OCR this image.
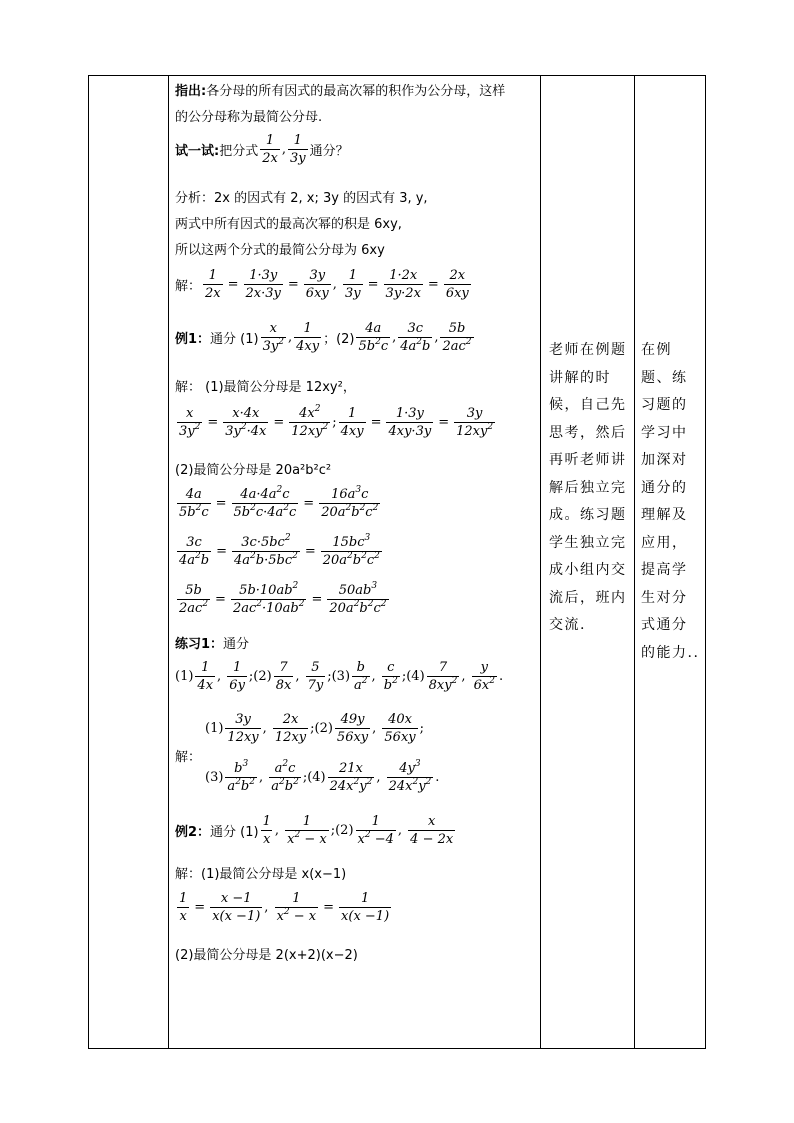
指出: 各分母的所有因式的最高次幂的积作为公分母，这样
的公分母称为最简公分母.
试一试: 把分式
1
2x
,
1
3y 通分？
分析：2x 的因式有 2, x; 3y 的因式有 3, y,
两式中所有因式的最高次幂的积是 6xy,
所以这两个分式的最简公分母为 6xy
解： $\frac{1}{2x} = \frac{1\cdot 3y}{2x\cdot 3y} = \frac{3y}{6xy}$ , $\frac{1}{3y} = \frac{1\cdot 2x}{3y\cdot 2x} = \frac{2x}{6xy}$
例1： 通分 (1)
x
$3y^2$ ,
1
4xy ；(2)
4a
$5b^2c$
,
3c
$4a^2b$
,
5b
$2ac^2$
解： (1)最简公分母是 12xy²，
$\frac{x}{3y^2} = \frac{x\cdot 4x}{3y^2\cdot 4x} = \frac{4x^2}{12xy^2}$ ; $\frac{1}{4xy} = \frac{1\cdot 3y}{4xy\cdot 3y} = \frac{3y}{12xy^2}$
(2)最简公分母是 20a²b²c²
$\frac{4a}{5b^2c} = \frac{4a\cdot 4a^2c}{5b^2c\cdot 4a^2c} = \frac{16a^3c}{20a^2b^2c^2}$
$\frac{3c}{4a^2b} = \frac{3c\cdot 5bc^2}{4a^2b\cdot 5bc^2} = \frac{15bc^3}{20a^2b^2c^2}$
$\frac{5b}{2ac^2} = \frac{5b\cdot 10ab^2}{2ac^2\cdot 10ab^2} = \frac{50ab^3}{20a^2b^2c^2}$
练习1： 通分
(1)
1
4x
,
1
6y
;(2)
7
8x
,
5
7y
;(3)
b
$a^2$ ,
c
$b^2$ ;(4)
7
$8xy^2$ ,
y
$6x^2$ .
解：
(1)
3y
12xy
,
2x
12xy
;(2)
49y
56xy
,
40x
56xy
;
(3)
$b^3$
$a^2b^2$ ,
$a^2c$
$a^2b^2$ ;(4)
21x
$24x^2y^2$ ,
$4y^3$
$24x^2y^2$ .
例2： 通分 (1)
1
x
,
1
$x^2 - x$
;(2)
1
$x^2 -4$
,
x
4 − 2x
解：(1)最简公分母是 x(x−1)
$\frac{1}{x} = \frac{x -1}{x(x -1)}$ , $\frac{1}{x^2 - x} = \frac{1}{x(x -1)}$
(2)最简公分母是 2(x+2)(x−2)

老师在例题讲解的时候，自己先思考，然后再听老师讲解后独立完成。练习题学生独立完成小组内交流后，班内交流.

在例题、练习题的学习中加深对通分的理解及应用，提高学生对分式通分的能力..
